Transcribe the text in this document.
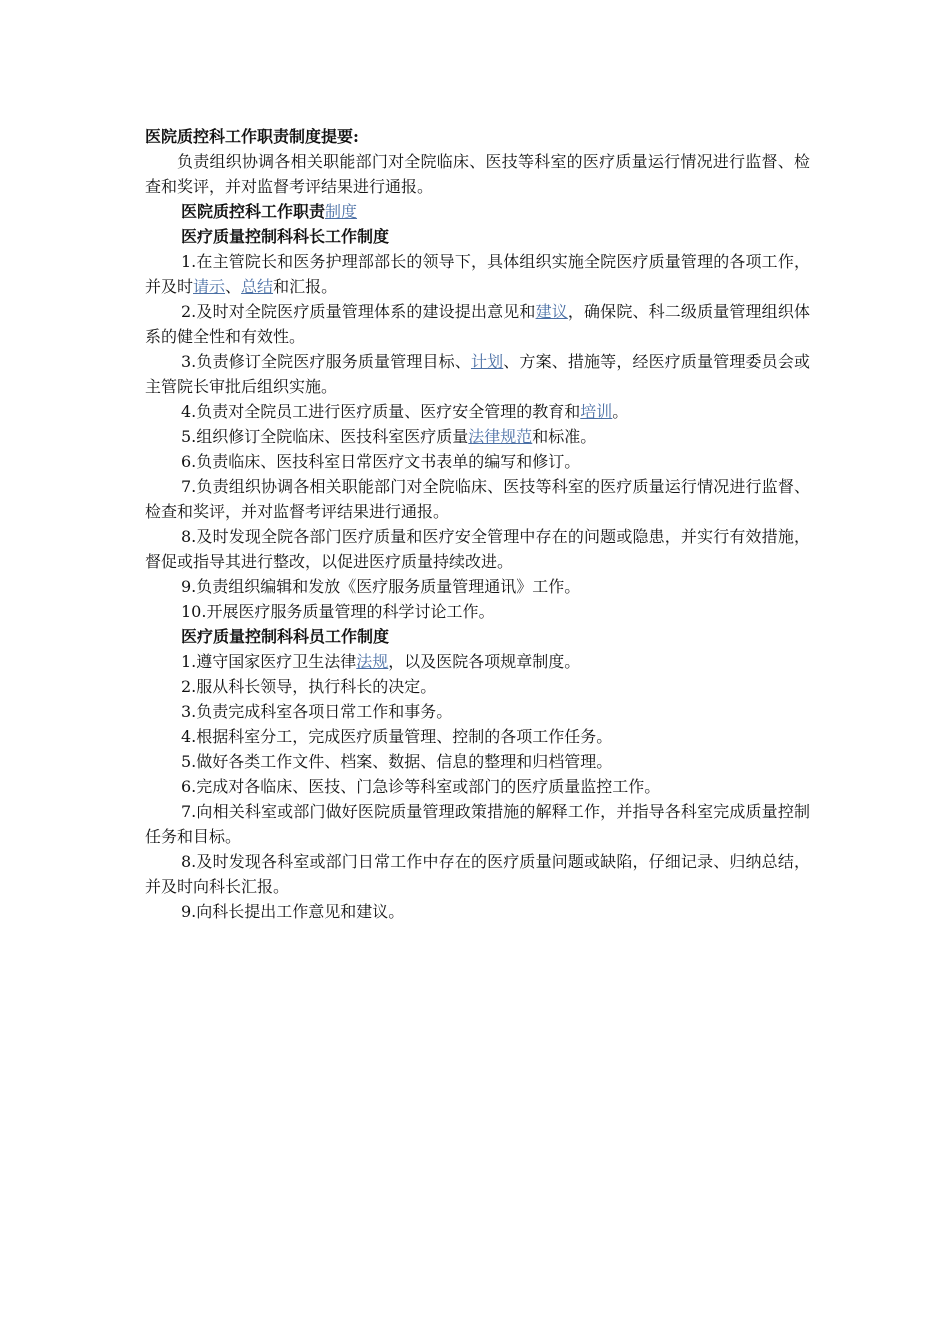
医院质控科工作职责制度提要:

负责组织协调各相关职能部门对全院临床、医技等科室的医疗质量运行情况进行监督、检查和奖评，并对监督考评结果进行通报。

医院质控科工作职责制度

医疗质量控制科科长工作制度

1.在主管院长和医务护理部部长的领导下，具体组织实施全院医疗质量管理的各项工作，并及时请示、总结和汇报。

2.及时对全院医疗质量管理体系的建设提出意见和建议，确保院、科二级质量管理组织体系的健全性和有效性。

3.负责修订全院医疗服务质量管理目标、计划、方案、措施等，经医疗质量管理委员会或主管院长审批后组织实施。

4.负责对全院员工进行医疗质量、医疗安全管理的教育和培训。

5.组织修订全院临床、医技科室医疗质量法律规范和标准。

6.负责临床、医技科室日常医疗文书表单的编写和修订。

7.负责组织协调各相关职能部门对全院临床、医技等科室的医疗质量运行情况进行监督、检查和奖评，并对监督考评结果进行通报。

8.及时发现全院各部门医疗质量和医疗安全管理中存在的问题或隐患，并实行有效措施，督促或指导其进行整改，以促进医疗质量持续改进。

9.负责组织编辑和发放《医疗服务质量管理通讯》工作。

10.开展医疗服务质量管理的科学讨论工作。

医疗质量控制科科员工作制度

1.遵守国家医疗卫生法律法规，以及医院各项规章制度。

2.服从科长领导，执行科长的决定。

3.负责完成科室各项日常工作和事务。

4.根据科室分工，完成医疗质量管理、控制的各项工作任务。

5.做好各类工作文件、档案、数据、信息的整理和归档管理。

6.完成对各临床、医技、门急诊等科室或部门的医疗质量监控工作。

7.向相关科室或部门做好医院质量管理政策措施的解释工作，并指导各科室完成质量控制任务和目标。

8.及时发现各科室或部门日常工作中存在的医疗质量问题或缺陷，仔细记录、归纳总结，并及时向科长汇报。

9.向科长提出工作意见和建议。
